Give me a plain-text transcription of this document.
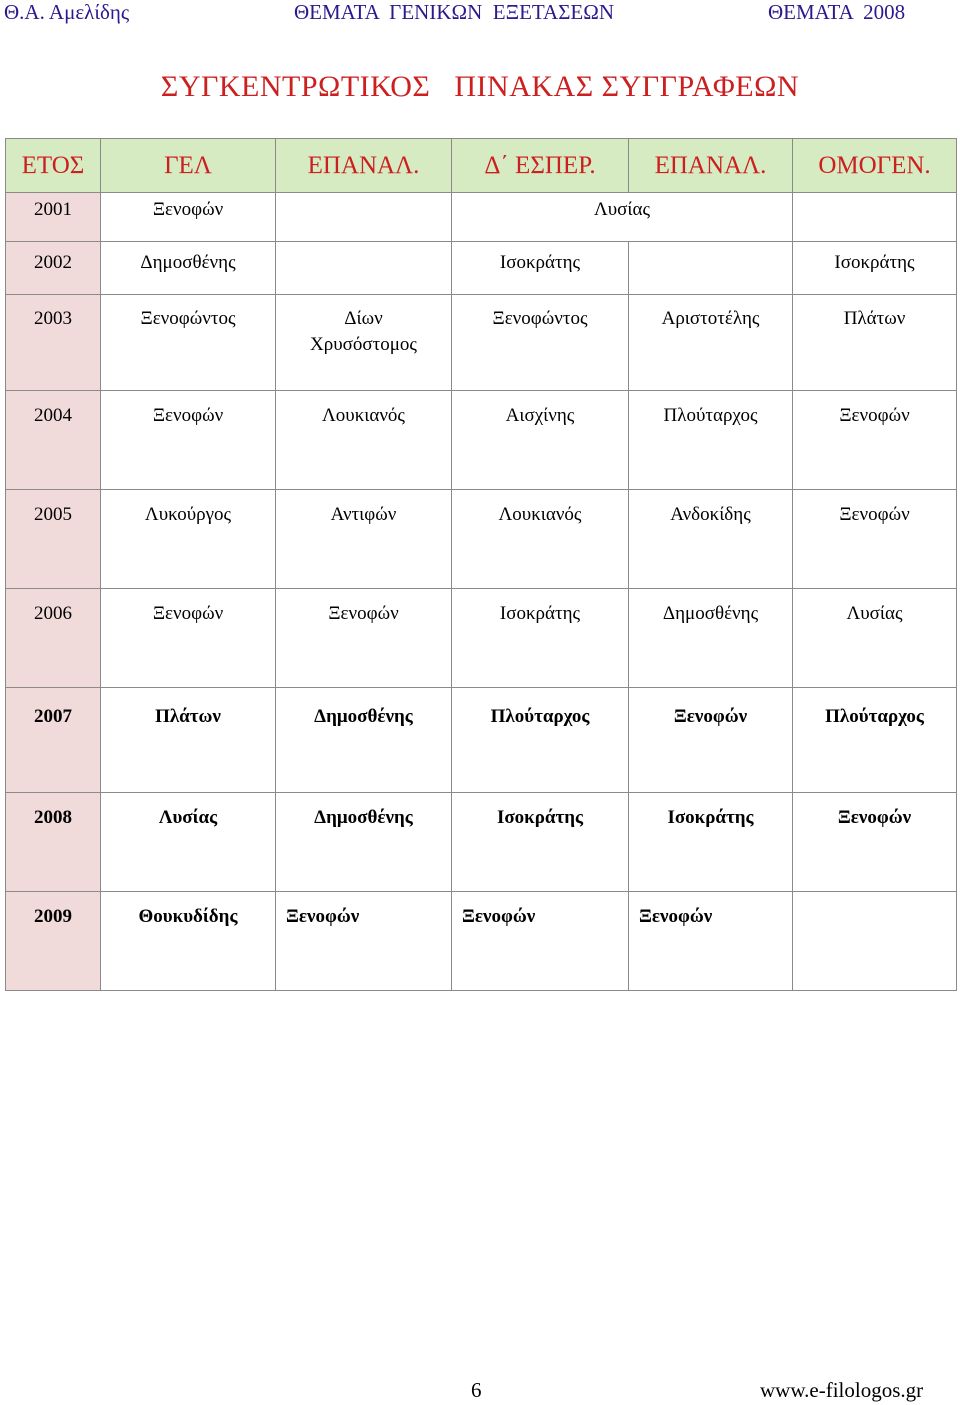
Θ.Α. Αμελίδης	ΘΕΜΑΤΑ  ΓΕΝΙΚΩΝ  ΕΞΕΤΑΣΕΩΝ	ΘΕΜΑΤΑ  2008
ΣΥΓΚΕΝΤΡΩΤΙΚΟΣ   ΠΙΝΑΚΑΣ ΣΥΓΓΡΑΦΕΩΝ
ΕΤΟΣ	ΓΕΛ	ΕΠΑΝΑΛ.	Δ΄ ΕΣΠΕΡ.	ΕΠΑΝΑΛ.	ΟΜΟΓΕΝ.
2001	Ξενοφών		Λυσίας		
2002	Δημοσθένης		Ισοκράτης		Ισοκράτης
2003	Ξενοφώντος	Δίων Χρυσόστομος	Ξενοφώντος	Αριστοτέλης	Πλάτων
2004	Ξενοφών	Λουκιανός	Αισχίνης	Πλούταρχος	Ξενοφών
2005	Λυκούργος	Αντιφών	Λουκιανός	Ανδοκίδης	Ξενοφών
2006	Ξενοφών	Ξενοφών	Ισοκράτης	Δημοσθένης	Λυσίας
2007	Πλάτων	Δημοσθένης	Πλούταρχος	Ξενοφών	Πλούταρχος
2008	Λυσίας	Δημοσθένης	Ισοκράτης	Ισοκράτης	Ξενοφών
2009	Θουκυδίδης	Ξενοφών	Ξενοφών	Ξενοφών	
6	www.e-filologos.gr
